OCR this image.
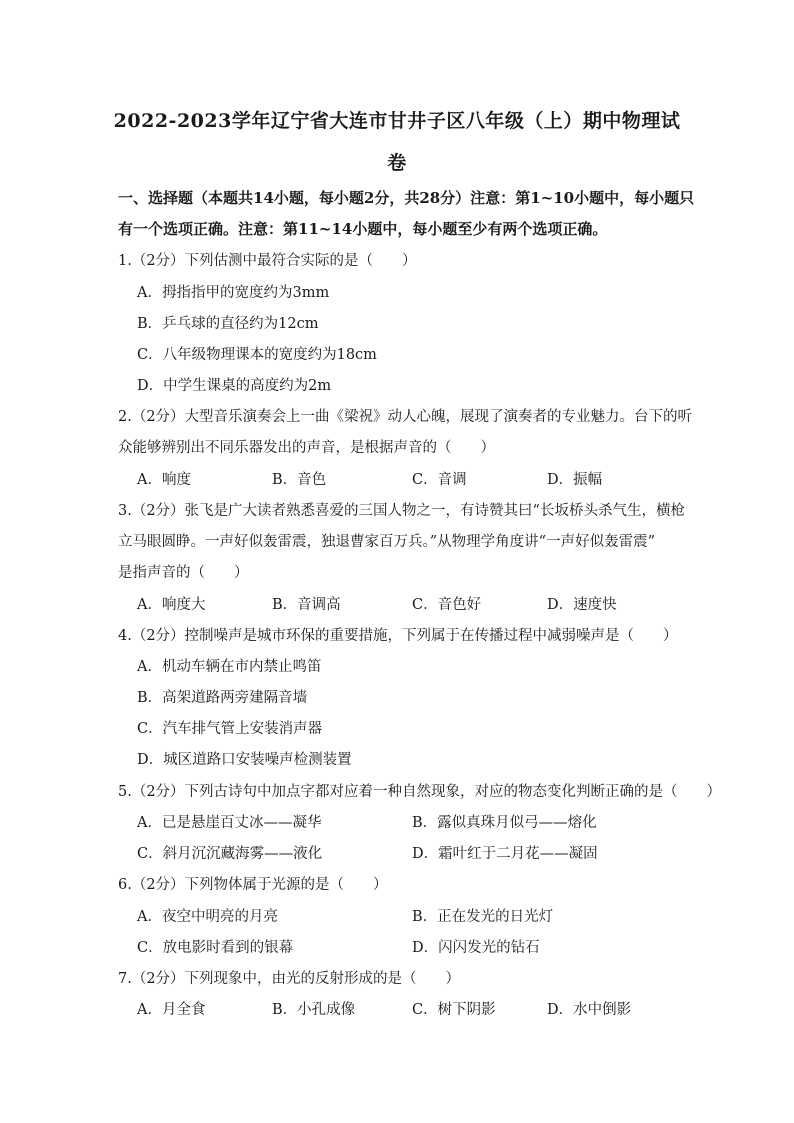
2022-2023学年辽宁省大连市甘井子区八年级（上）期中物理试
卷
一、选择题（本题共14小题，每小题2分，共28分）注意：第1~10小题中，每小题只
有一个选项正确。注意：第11~14小题中，每小题至少有两个选项正确。
1.（2分）下列估测中最符合实际的是（　　）
A．拇指指甲的宽度约为3mm
B．乒乓球的直径约为12cm
C．八年级物理课本的宽度约为18cm
D．中学生课桌的高度约为2m
2.（2分）大型音乐演奏会上一曲《梁祝》动人心魄，展现了演奏者的专业魅力。台下的听
众能够辨别出不同乐器发出的声音，是根据声音的（　　）
A．响度	B．音色	C．音调	D．振幅
3.（2分）张飞是广大读者熟悉喜爱的三国人物之一，有诗赞其曰“长坂桥头杀气生，横枪
立马眼圆睁。一声好似轰雷震，独退曹家百万兵。”从物理学角度讲“一声好似轰雷震”
是指声音的（　　）
A．响度大	B．音调高	C．音色好	D．速度快
4.（2分）控制噪声是城市环保的重要措施，下列属于在传播过程中减弱噪声是（　　）
A．机动车辆在市内禁止鸣笛
B．高架道路两旁建隔音墙
C．汽车排气管上安装消声器
D．城区道路口安装噪声检测装置
5.（2分）下列古诗句中加点字都对应着一种自然现象，对应的物态变化判断正确的是（　　）
A．已是悬崖百丈冰——凝华	B．露似真珠月似弓——熔化
C．斜月沉沉藏海雾——液化	D．霜叶红于二月花——凝固
6.（2分）下列物体属于光源的是（　　）
A．夜空中明亮的月亮	B．正在发光的日光灯
C．放电影时看到的银幕	D．闪闪发光的钻石
7.（2分）下列现象中，由光的反射形成的是（　　）
A．月全食	B．小孔成像	C．树下阴影	D．水中倒影
